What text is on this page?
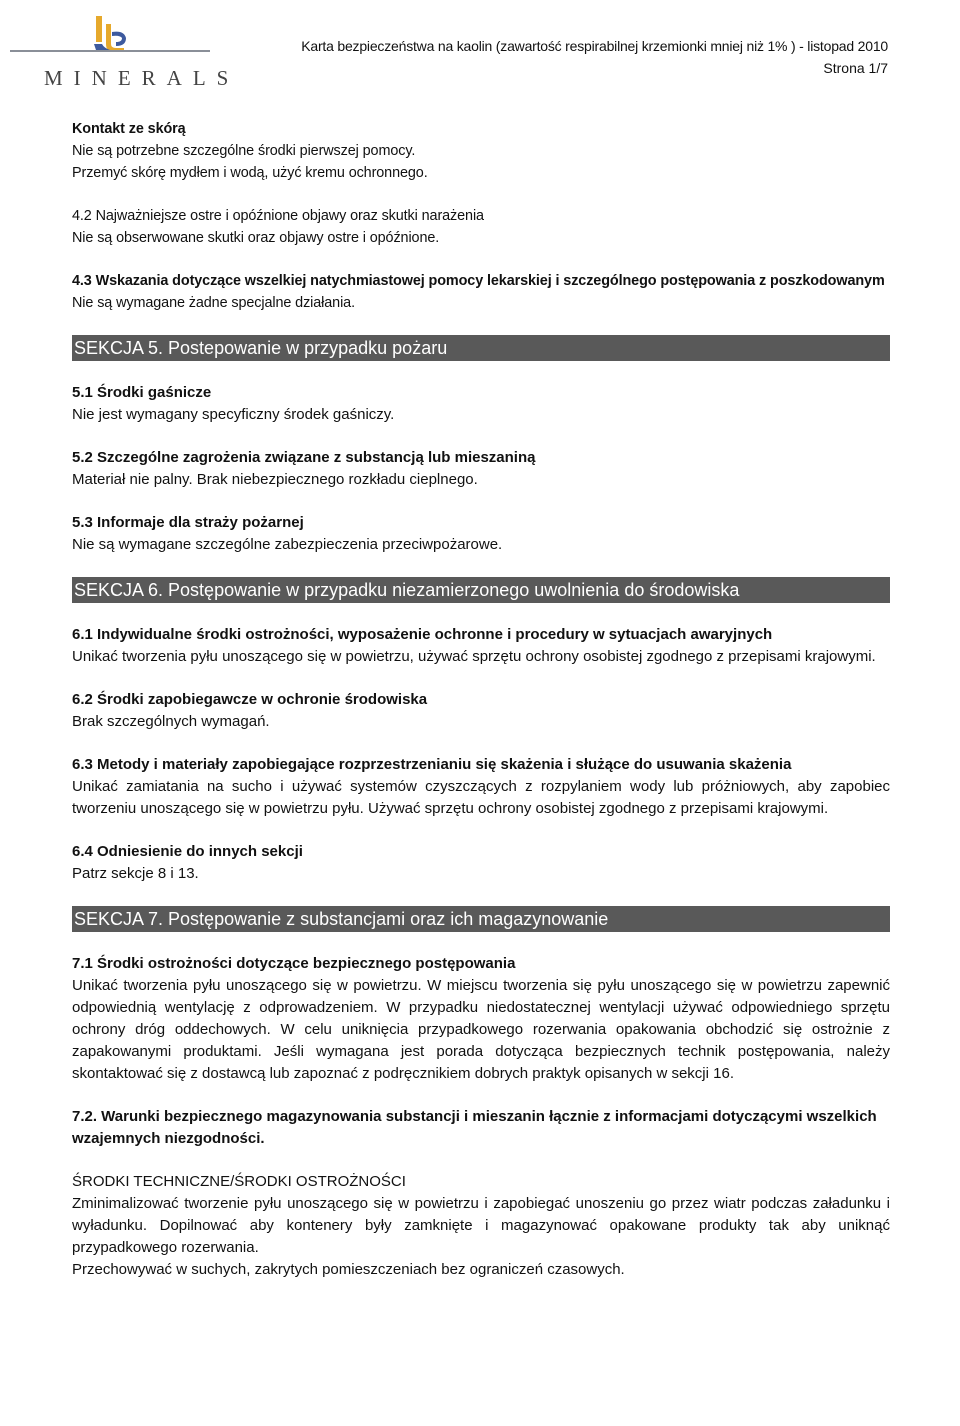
MINERALS
Karta bezpieczeństwa na kaolin (zawartość respirabilnej krzemionki mniej niż 1% ) - listopad 2010
Strona 1/7

Kontakt ze skórą

Nie są potrzebne szczególne środki pierwszej pomocy.

Przemyć skórę mydłem i wodą, użyć kremu ochronnego.

4.2 Najważniejsze ostre i opóźnione objawy oraz skutki narażenia

Nie są obserwowane skutki oraz objawy ostre i opóźnione.

4.3 Wskazania dotyczące wszelkiej natychmiastowej pomocy lekarskiej i szczególnego postępowania z poszkodowanym

Nie są wymagane żadne specjalne działania.

SEKCJA 5. Postepowanie w przypadku pożaru

5.1 Środki gaśnicze

Nie jest wymagany specyficzny środek gaśniczy.

5.2 Szczególne zagrożenia związane z substancją lub mieszaniną

Materiał nie palny. Brak niebezpiecznego rozkładu cieplnego.

5.3 Informaje dla straży pożarnej

Nie są wymagane szczególne zabezpieczenia przeciwpożarowe.

SEKCJA 6. Postępowanie w przypadku niezamierzonego uwolnienia do środowiska

6.1 Indywidualne środki ostrożności, wyposażenie ochronne i procedury w sytuacjach awaryjnych

Unikać tworzenia pyłu unoszącego się w powietrzu, używać sprzętu ochrony osobistej zgodnego z przepisami krajowymi.

6.2 Środki zapobiegawcze w ochronie środowiska

Brak szczególnych wymagań.

6.3 Metody i materiały zapobiegające rozprzestrzenianiu się skażenia i służące do usuwania skażenia

Unikać zamiatania na sucho i używać systemów czyszczących z rozpylaniem wody lub próżniowych, aby zapobiec tworzeniu unoszącego się w powietrzu pyłu. Używać sprzętu ochrony osobistej zgodnego z przepisami krajowymi.

6.4 Odniesienie do innych sekcji

Patrz sekcje 8 i 13.

SEKCJA 7. Postępowanie z substancjami oraz ich magazynowanie

7.1 Środki ostrożności dotyczące bezpiecznego postępowania

Unikać tworzenia pyłu unoszącego się w powietrzu. W miejscu tworzenia się pyłu unoszącego się w powietrzu zapewnić odpowiednią wentylację z odprowadzeniem. W przypadku niedostatecznej wentylacji używać odpowiedniego sprzętu ochrony dróg oddechowych. W celu uniknięcia przypadkowego rozerwania opakowania obchodzić się ostrożnie z zapakowanymi produktami. Jeśli wymagana jest porada dotycząca bezpiecznych technik postępowania, należy skontaktować się z dostawcą lub zapoznać z podręcznikiem dobrych praktyk opisanych w sekcji 16.

7.2. Warunki bezpiecznego magazynowania substancji i mieszanin łącznie z informacjami dotyczącymi wszelkich wzajemnych niezgodności.

ŚRODKI TECHNICZNE/ŚRODKI OSTROŻNOŚCI

Zminimalizować tworzenie pyłu unoszącego się w powietrzu i zapobiegać unoszeniu go przez wiatr podczas załadunku i wyładunku. Dopilnować aby kontenery były zamknięte i magazynować opakowane produkty tak aby uniknąć przypadkowego rozerwania.

Przechowywać w suchych, zakrytych pomieszczeniach bez ograniczeń czasowych.
